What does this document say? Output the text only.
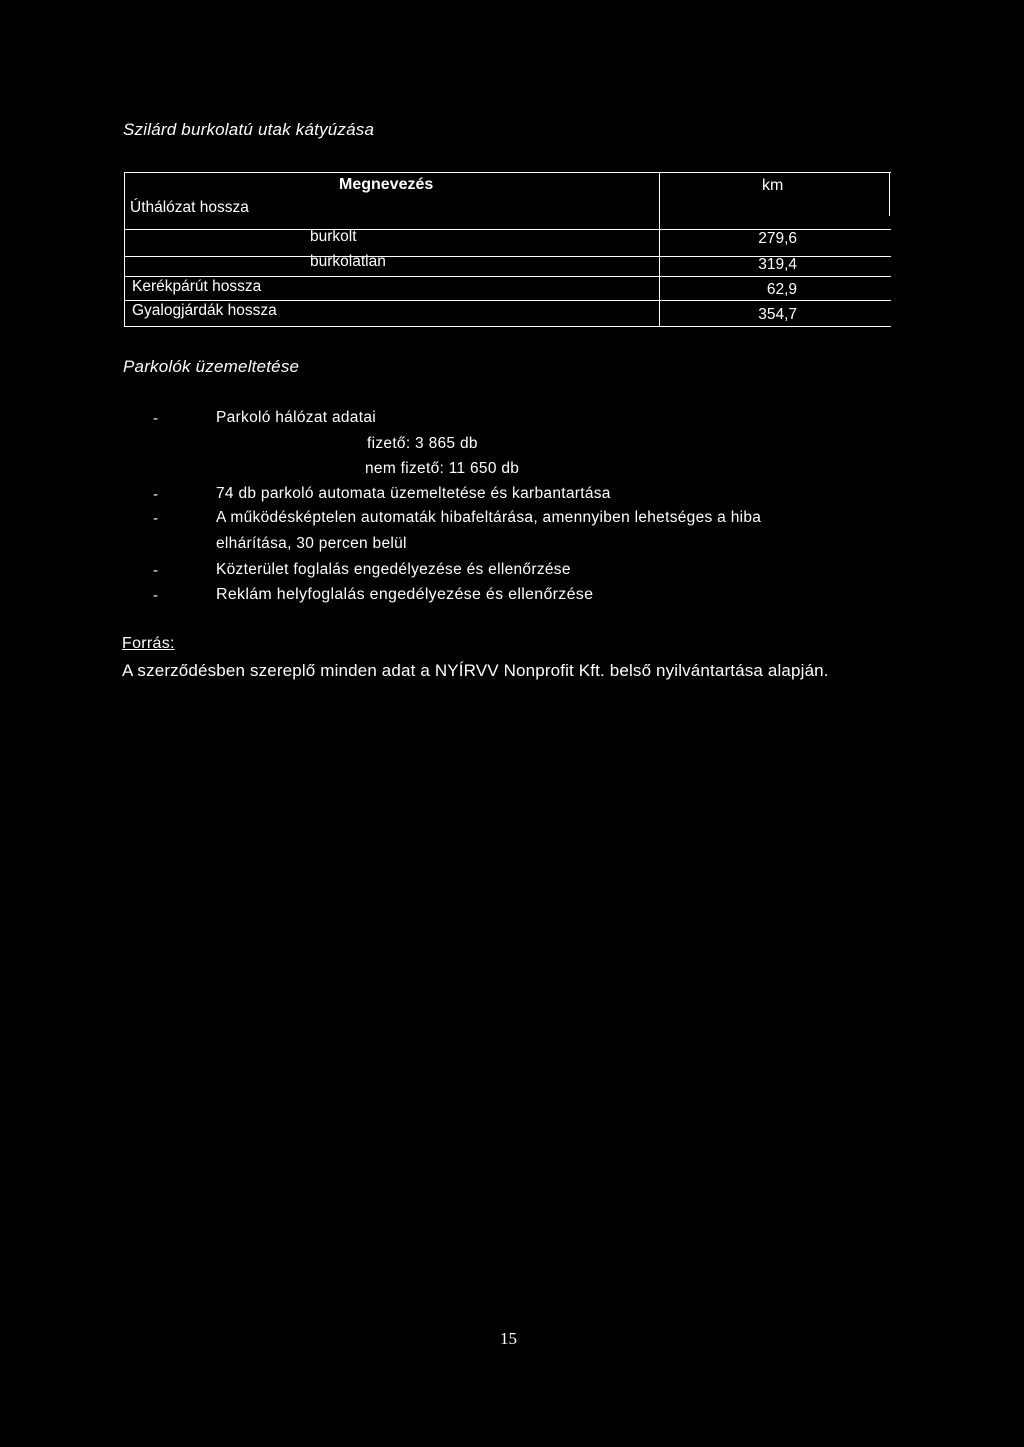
Szilárd burkolatú utak kátyúzása
Megnevezés	km
Úthálózat hossza
burkolt	279,6
burkolatlan	319,4
Kerékpárút hossza	62,9
Gyalogjárdák hossza	354,7
Parkolók üzemeltetése
-	Parkoló hálózat adatai
fizető: 3 865 db
nem fizető: 11 650 db
-	74 db parkoló automata üzemeltetése és karbantartása
-	A működésképtelen automaták hibafeltárása, amennyiben lehetséges a hiba
elhárítása, 30 percen belül
-	Közterület foglalás engedélyezése és ellenőrzése
-	Reklám helyfoglalás engedélyezése és ellenőrzése
Forrás:
A szerződésben szereplő minden adat a NYÍRVV Nonprofit Kft. belső nyilvántartása alapján.
15
